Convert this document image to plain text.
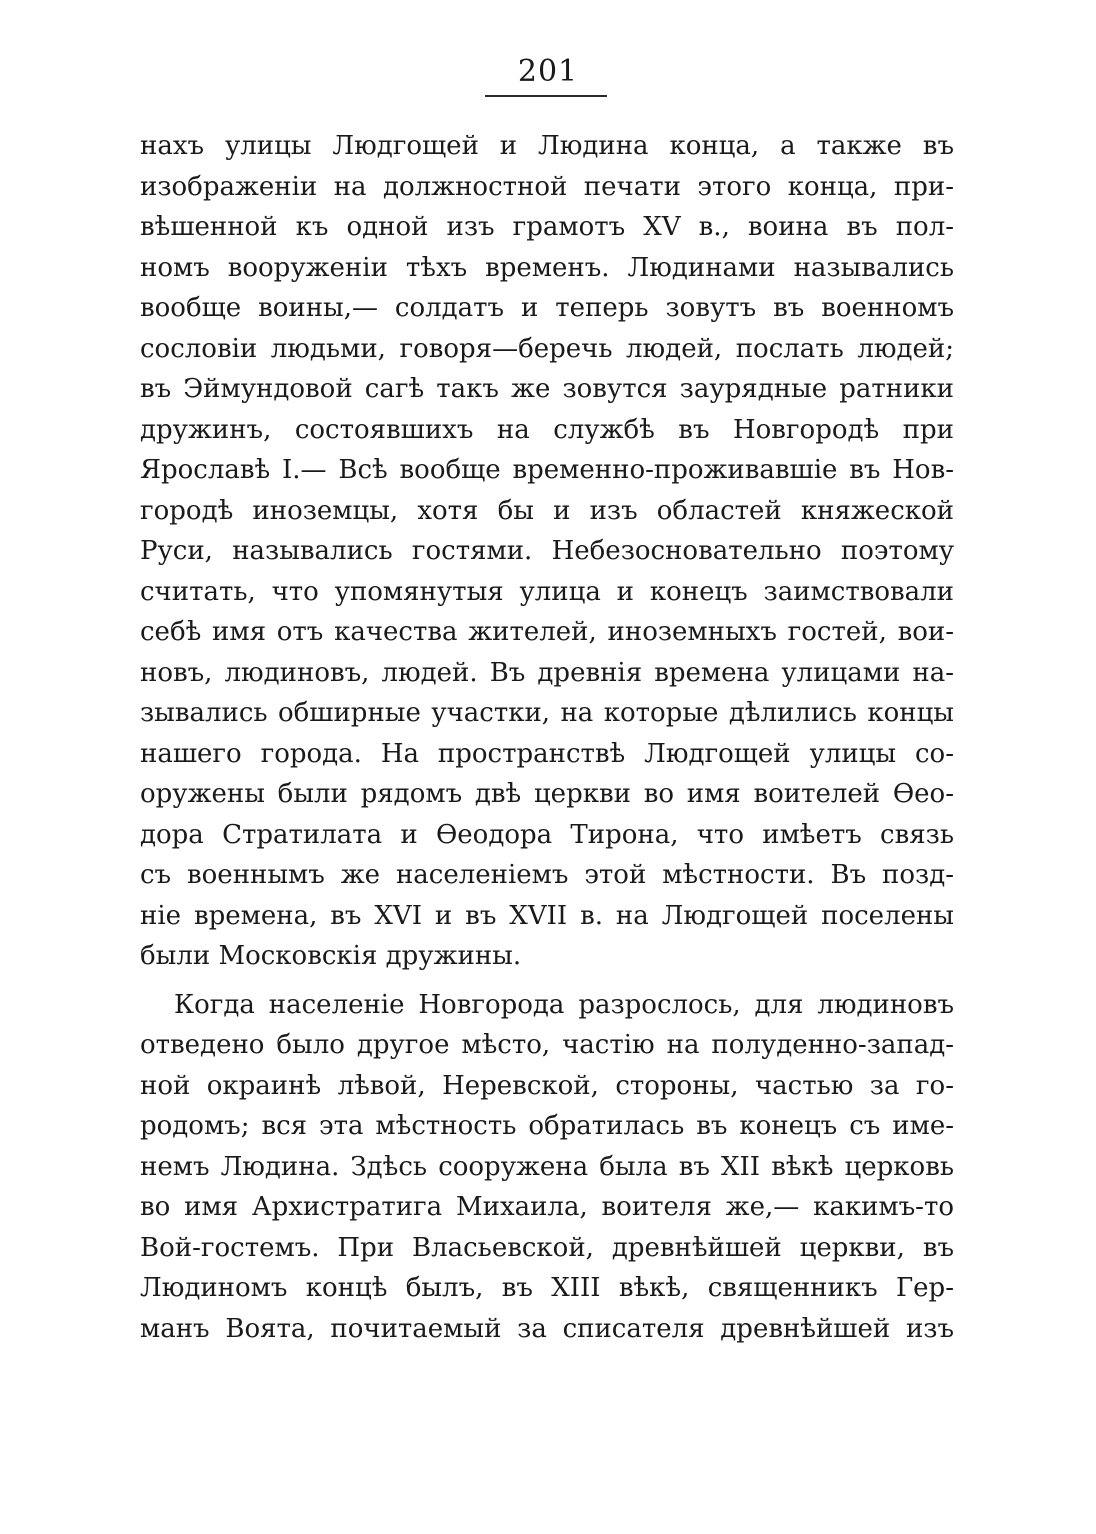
201
нахъ улицы Людгощей и Людина конца, а также въ
изображеніи на должностной печати этого конца, при-
вѣшенной къ одной изъ грамотъ XV в., воина въ пол-
номъ вооруженіи тѣхъ временъ. Людинами назывались
вообще воины,— солдатъ и теперь зовутъ въ военномъ
сословіи людьми, говоря—беречь людей, послать людей;
въ Эймундовой сагѣ такъ же зовутся заурядные ратники
дружинъ, состоявшихъ на службѣ въ Новгородѣ при
Ярославѣ I.— Всѣ вообще временно-проживавшіе въ Нов-
городѣ иноземцы, хотя бы и изъ областей княжеской
Руси, назывались гостями. Небезосновательно поэтому
считать, что упомянутыя улица и конецъ заимствовали
себѣ имя отъ качества жителей, иноземныхъ гостей, вои-
новъ, людиновъ, людей. Въ древнія времена улицами на-
зывались обширные участки, на которые дѣлились концы
нашего города. На пространствѣ Людгощей улицы со-
оружены были рядомъ двѣ церкви во имя воителей Ѳео-
дора Стратилата и Ѳеодора Тирона, что имѣетъ связь
съ военнымъ же населеніемъ этой мѣстности. Въ позд-
ніе времена, въ XVI и въ XVII в. на Людгощей поселены
были Московскія дружины.
Когда населеніе Новгорода разрослось, для людиновъ
отведено было другое мѣсто, частію на полуденно-запад-
ной окраинѣ лѣвой, Неревской, стороны, частью за го-
родомъ; вся эта мѣстность обратилась въ конецъ съ име-
немъ Людина. Здѣсь сооружена была въ XII вѣкѣ церковь
во имя Архистратига Михаила, воителя же,— какимъ-то
Вой-гостемъ. При Власьевской, древнѣйшей церкви, въ
Людиномъ концѣ былъ, въ XIII вѣкѣ, священникъ Гер-
манъ Воята, почитаемый за списателя древнѣйшей изъ
